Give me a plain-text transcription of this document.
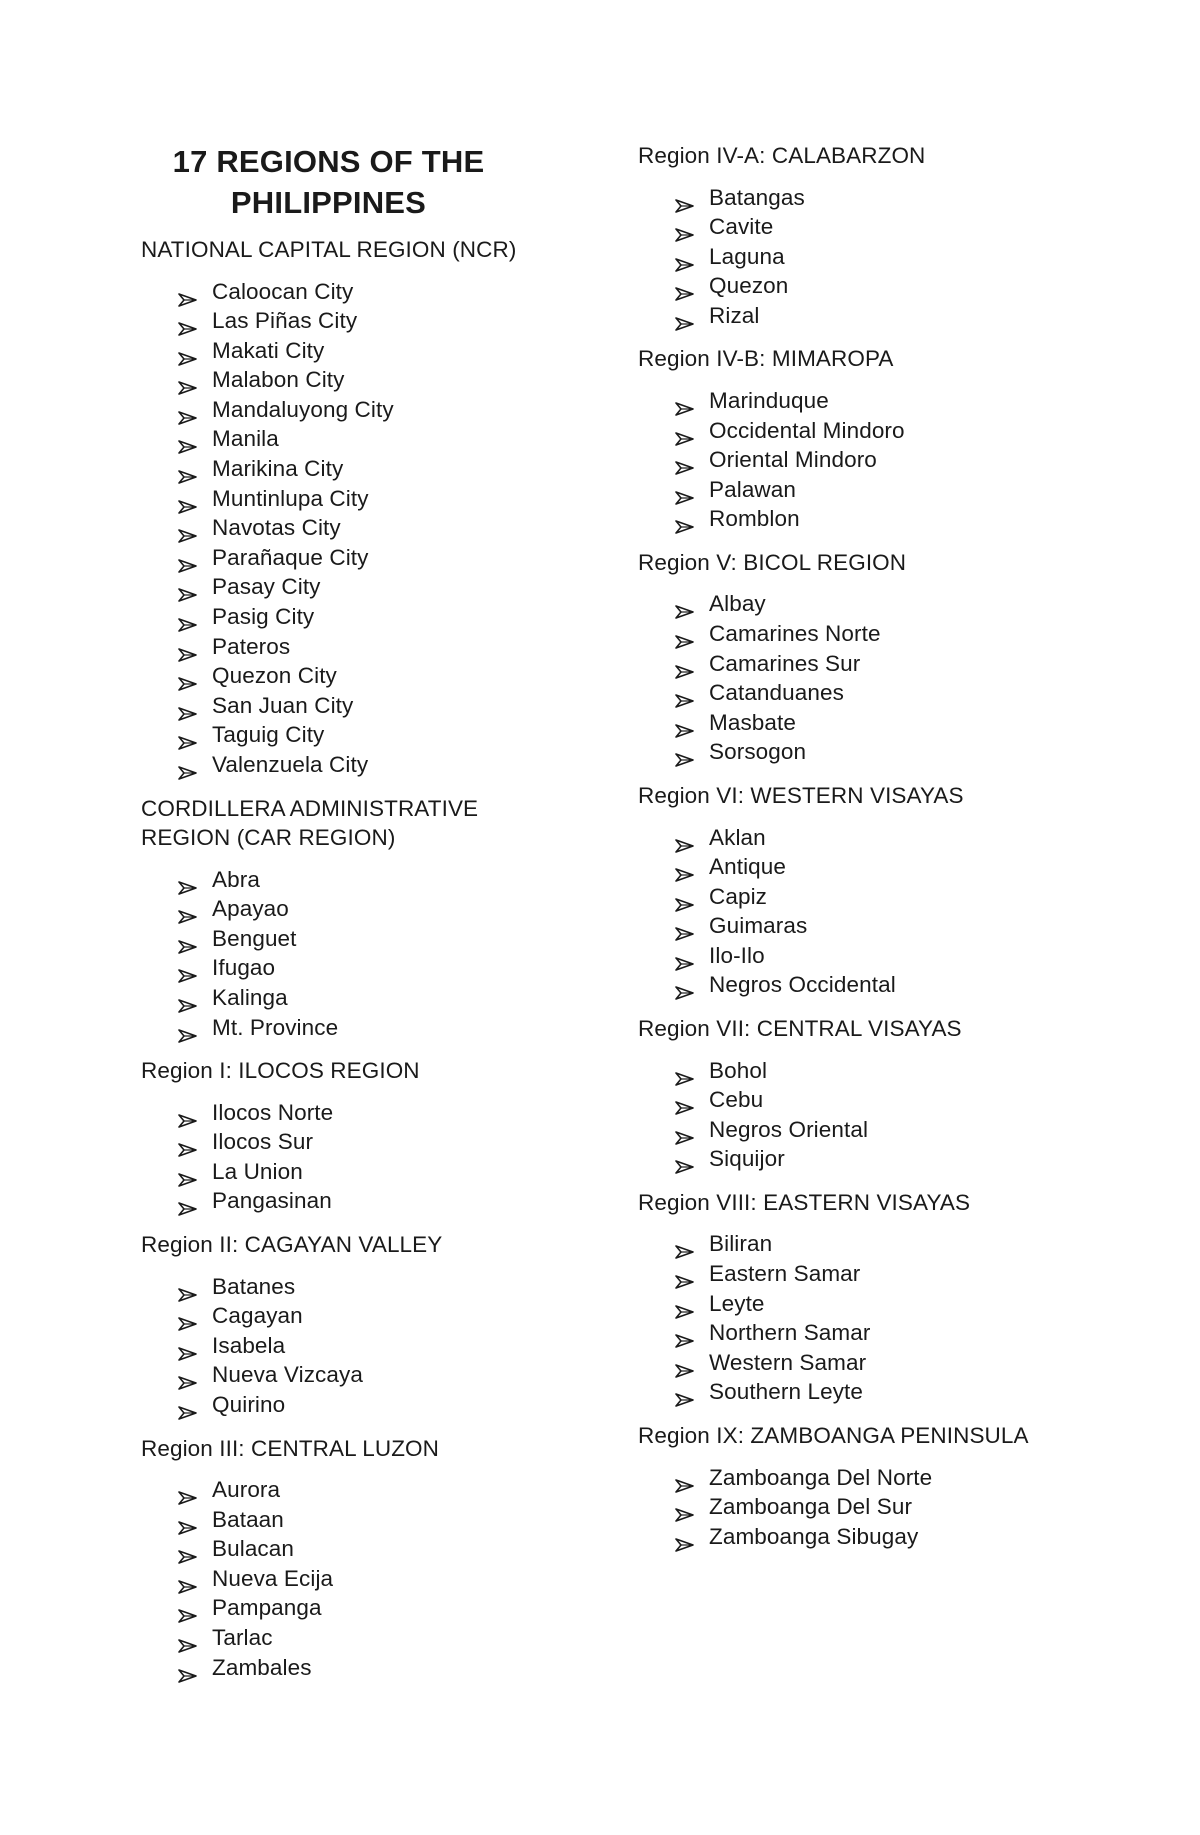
17 REGIONS OF THE
PHILIPPINES
NATIONAL CAPITAL REGION (NCR)
Caloocan City
Las Piñas City
Makati City
Malabon City
Mandaluyong City
Manila
Marikina City
Muntinlupa City
Navotas City
Parañaque City
Pasay City
Pasig City
Pateros
Quezon City
San Juan City
Taguig City
Valenzuela City
CORDILLERA ADMINISTRATIVE REGION (CAR REGION)
Abra
Apayao
Benguet
Ifugao
Kalinga
Mt. Province
Region I: ILOCOS REGION
Ilocos Norte
Ilocos Sur
La Union
Pangasinan
Region II: CAGAYAN VALLEY
Batanes
Cagayan
Isabela
Nueva Vizcaya
Quirino
Region III: CENTRAL LUZON
Aurora
Bataan
Bulacan
Nueva Ecija
Pampanga
Tarlac
Zambales
Region IV-A: CALABARZON
Batangas
Cavite
Laguna
Quezon
Rizal
Region IV-B: MIMAROPA
Marinduque
Occidental Mindoro
Oriental Mindoro
Palawan
Romblon
Region V: BICOL REGION
Albay
Camarines Norte
Camarines Sur
Catanduanes
Masbate
Sorsogon
Region VI: WESTERN VISAYAS
Aklan
Antique
Capiz
Guimaras
Ilo-Ilo
Negros Occidental
Region VII: CENTRAL VISAYAS
Bohol
Cebu
Negros Oriental
Siquijor
Region VIII: EASTERN VISAYAS
Biliran
Eastern Samar
Leyte
Northern Samar
Western Samar
Southern Leyte
Region IX: ZAMBOANGA PENINSULA
Zamboanga Del Norte
Zamboanga Del Sur
Zamboanga Sibugay
